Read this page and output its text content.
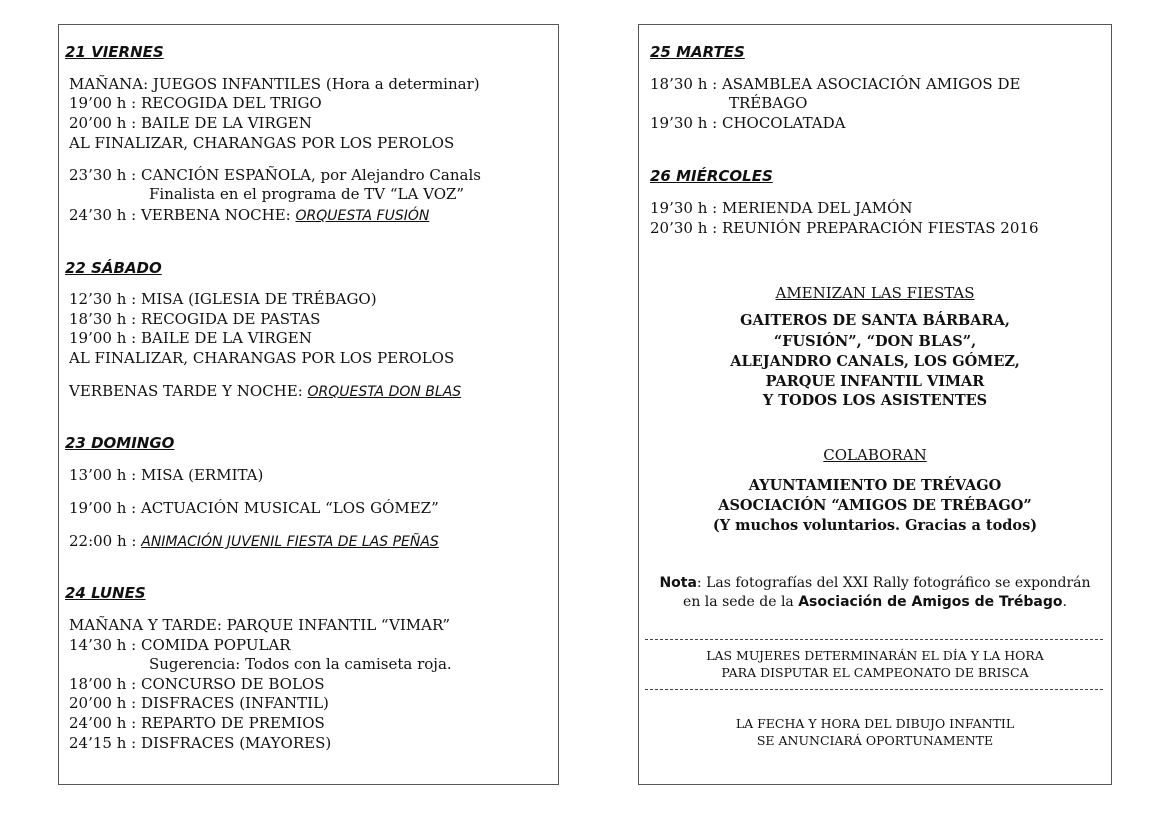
21 VIERNES
MAÑANA: JUEGOS INFANTILES (Hora a determinar)
19’00 h : RECOGIDA DEL TRIGO
20’00 h : BAILE DE LA VIRGEN
AL FINALIZAR, CHARANGAS POR LOS PEROLOS
23’30 h : CANCIÓN ESPAÑOLA, por Alejandro Canals
Finalista en el programa de TV “LA VOZ”
24’30 h : VERBENA NOCHE: ORQUESTA FUSIÓN
22 SÁBADO
12’30 h : MISA (IGLESIA DE TRÉBAGO)
18’30 h : RECOGIDA DE PASTAS
19’00 h : BAILE DE LA VIRGEN
AL FINALIZAR, CHARANGAS POR LOS PEROLOS
VERBENAS TARDE Y NOCHE: ORQUESTA DON BLAS
23 DOMINGO
13’00 h : MISA (ERMITA)
19’00 h : ACTUACIÓN MUSICAL “LOS GÓMEZ”
22:00 h : ANIMACIÓN JUVENIL FIESTA DE LAS PEÑAS
24 LUNES
MAÑANA Y TARDE: PARQUE INFANTIL “VIMAR”
14’30 h : COMIDA POPULAR
Sugerencia: Todos con la camiseta roja.
18’00 h : CONCURSO DE BOLOS
20’00 h : DISFRACES (INFANTIL)
24’00 h : REPARTO DE PREMIOS
24’15 h : DISFRACES (MAYORES)
25 MARTES
18’30 h : ASAMBLEA ASOCIACIÓN AMIGOS DE
TRÉBAGO
19’30 h : CHOCOLATADA
26 MIÉRCOLES
19’30 h : MERIENDA DEL JAMÓN
20’30 h : REUNIÓN PREPARACIÓN FIESTAS 2016
AMENIZAN LAS FIESTAS
GAITEROS DE SANTA BÁRBARA,
“FUSIÓN”, “DON BLAS”,
ALEJANDRO CANALS, LOS GÓMEZ,
PARQUE INFANTIL VIMAR
Y TODOS LOS ASISTENTES
COLABORAN
AYUNTAMIENTO DE TRÉVAGO
ASOCIACIÓN “AMIGOS DE TRÉBAGO”
(Y muchos voluntarios. Gracias a todos)
Nota: Las fotografías del XXI Rally fotográfico se expondrán
en la sede de la Asociación de Amigos de Trébago.
LAS MUJERES DETERMINARÁN EL DÍA Y LA HORA
PARA DISPUTAR EL CAMPEONATO DE BRISCA
LA FECHA Y HORA DEL DIBUJO INFANTIL
SE ANUNCIARÁ OPORTUNAMENTE
